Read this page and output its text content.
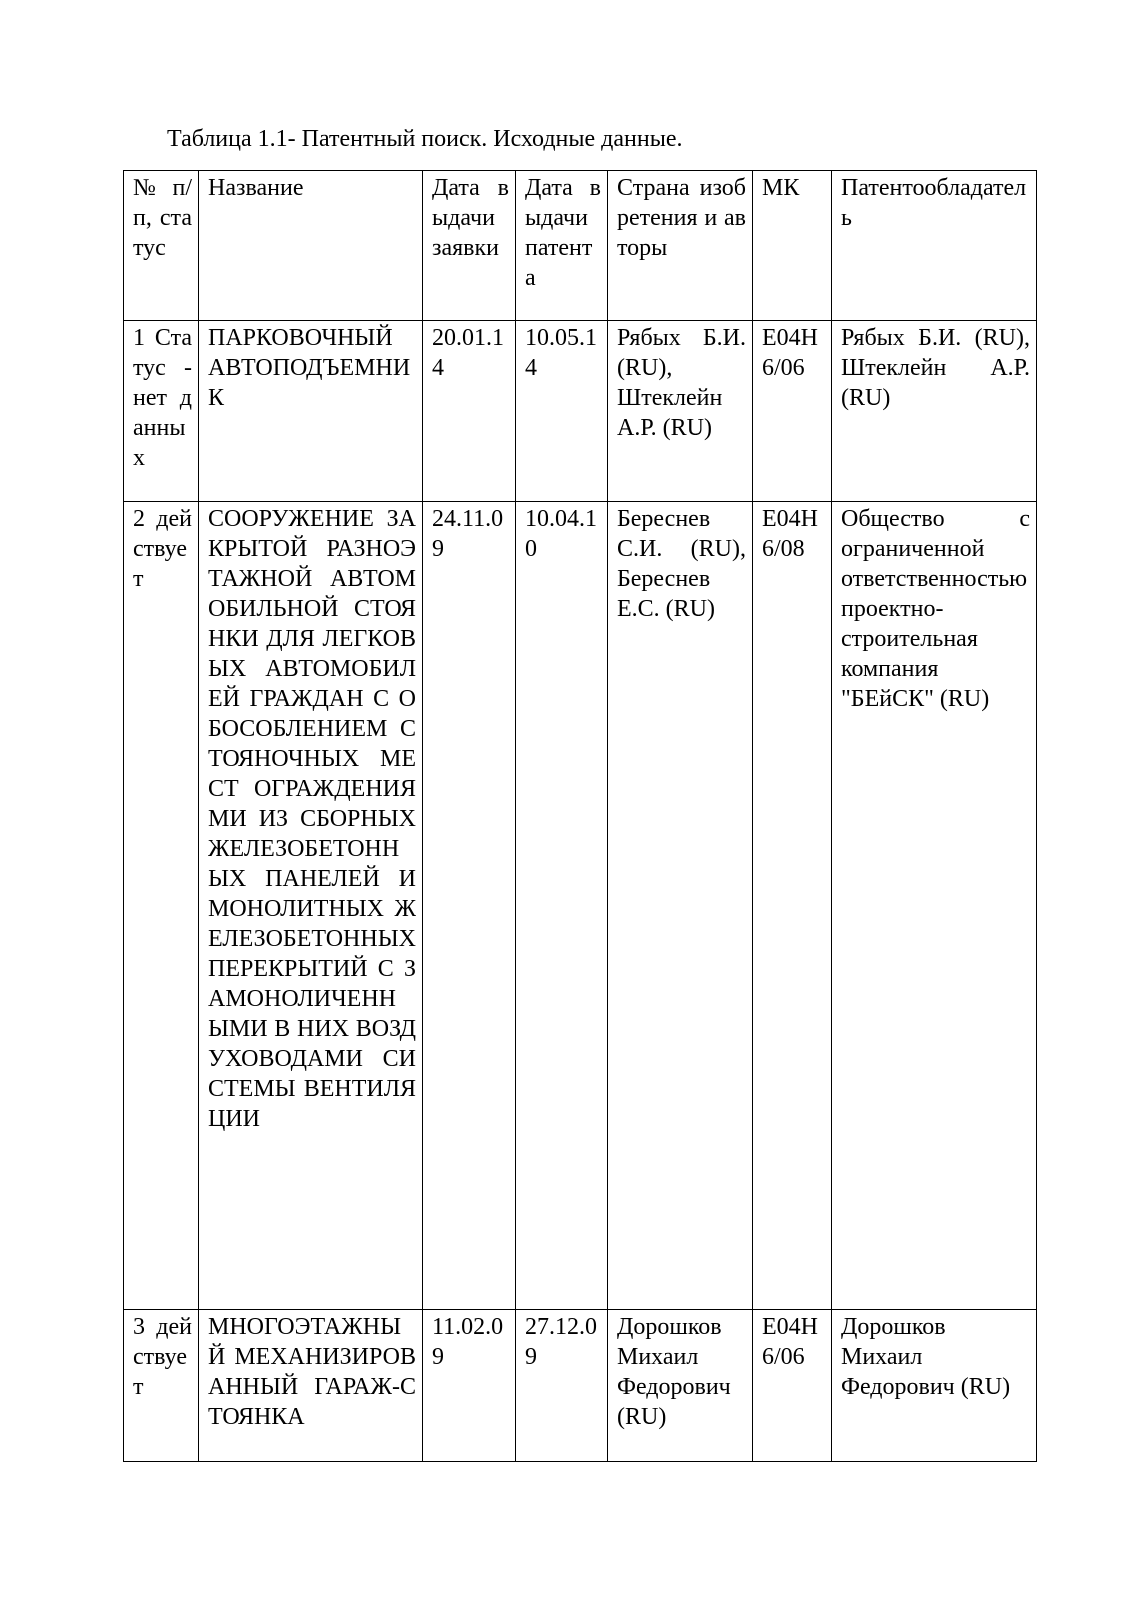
Таблица 1.1- Патентный поиск. Исходные данные.
№ п/п, статус	Название	Дата выдачи заявки	Дата выдачи патента	Страна изобретения и авторы	МК	Патентообладатель

1 Статус - нет данных	ПАРКОВОЧНЫЙ АВТОПОДЪЕМНИК	20.01.14	10.05.14	Рябых Б.И. (RU), Штеклейн А.Р. (RU)	E04H6/06	Рябых Б.И. (RU), Штеклейн А.Р. (RU)

2 действует	СООРУЖЕНИЕ ЗАКРЫТОЙ РАЗНОЭТАЖНОЙ АВТОМОБИЛЬНОЙ СТОЯНКИ ДЛЯ ЛЕГКОВЫХ АВТОМОБИЛЕЙ ГРАЖДАН С ОБОСОБЛЕНИЕМ СТОЯНОЧНЫХ МЕСТ ОГРАЖДЕНИЯМИ ИЗ СБОРНЫХ ЖЕЛЕЗОБЕТОННЫХ ПАНЕЛЕЙ И МОНОЛИТНЫХ ЖЕЛЕЗОБЕТОННЫХ ПЕРЕКРЫТИЙ С ЗАМОНОЛИЧЕННЫМИ В НИХ ВОЗДУХОВОДАМИ СИСТЕМЫ ВЕНТИЛЯЦИИ	24.11.09	10.04.10	Береснев С.И. (RU), Береснев Е.С. (RU)	E04H6/08	Общество с ограниченной ответственностью проектно-строительная компания "БЕйСК" (RU)

3 действует	МНОГОЭТАЖНЫЙ МЕХАНИЗИРОВАННЫЙ ГАРАЖ-СТОЯНКА	11.02.09	27.12.09	Дорошков Михаил Федорович (RU)	E04H6/06	Дорошков Михаил Федорович (RU)
